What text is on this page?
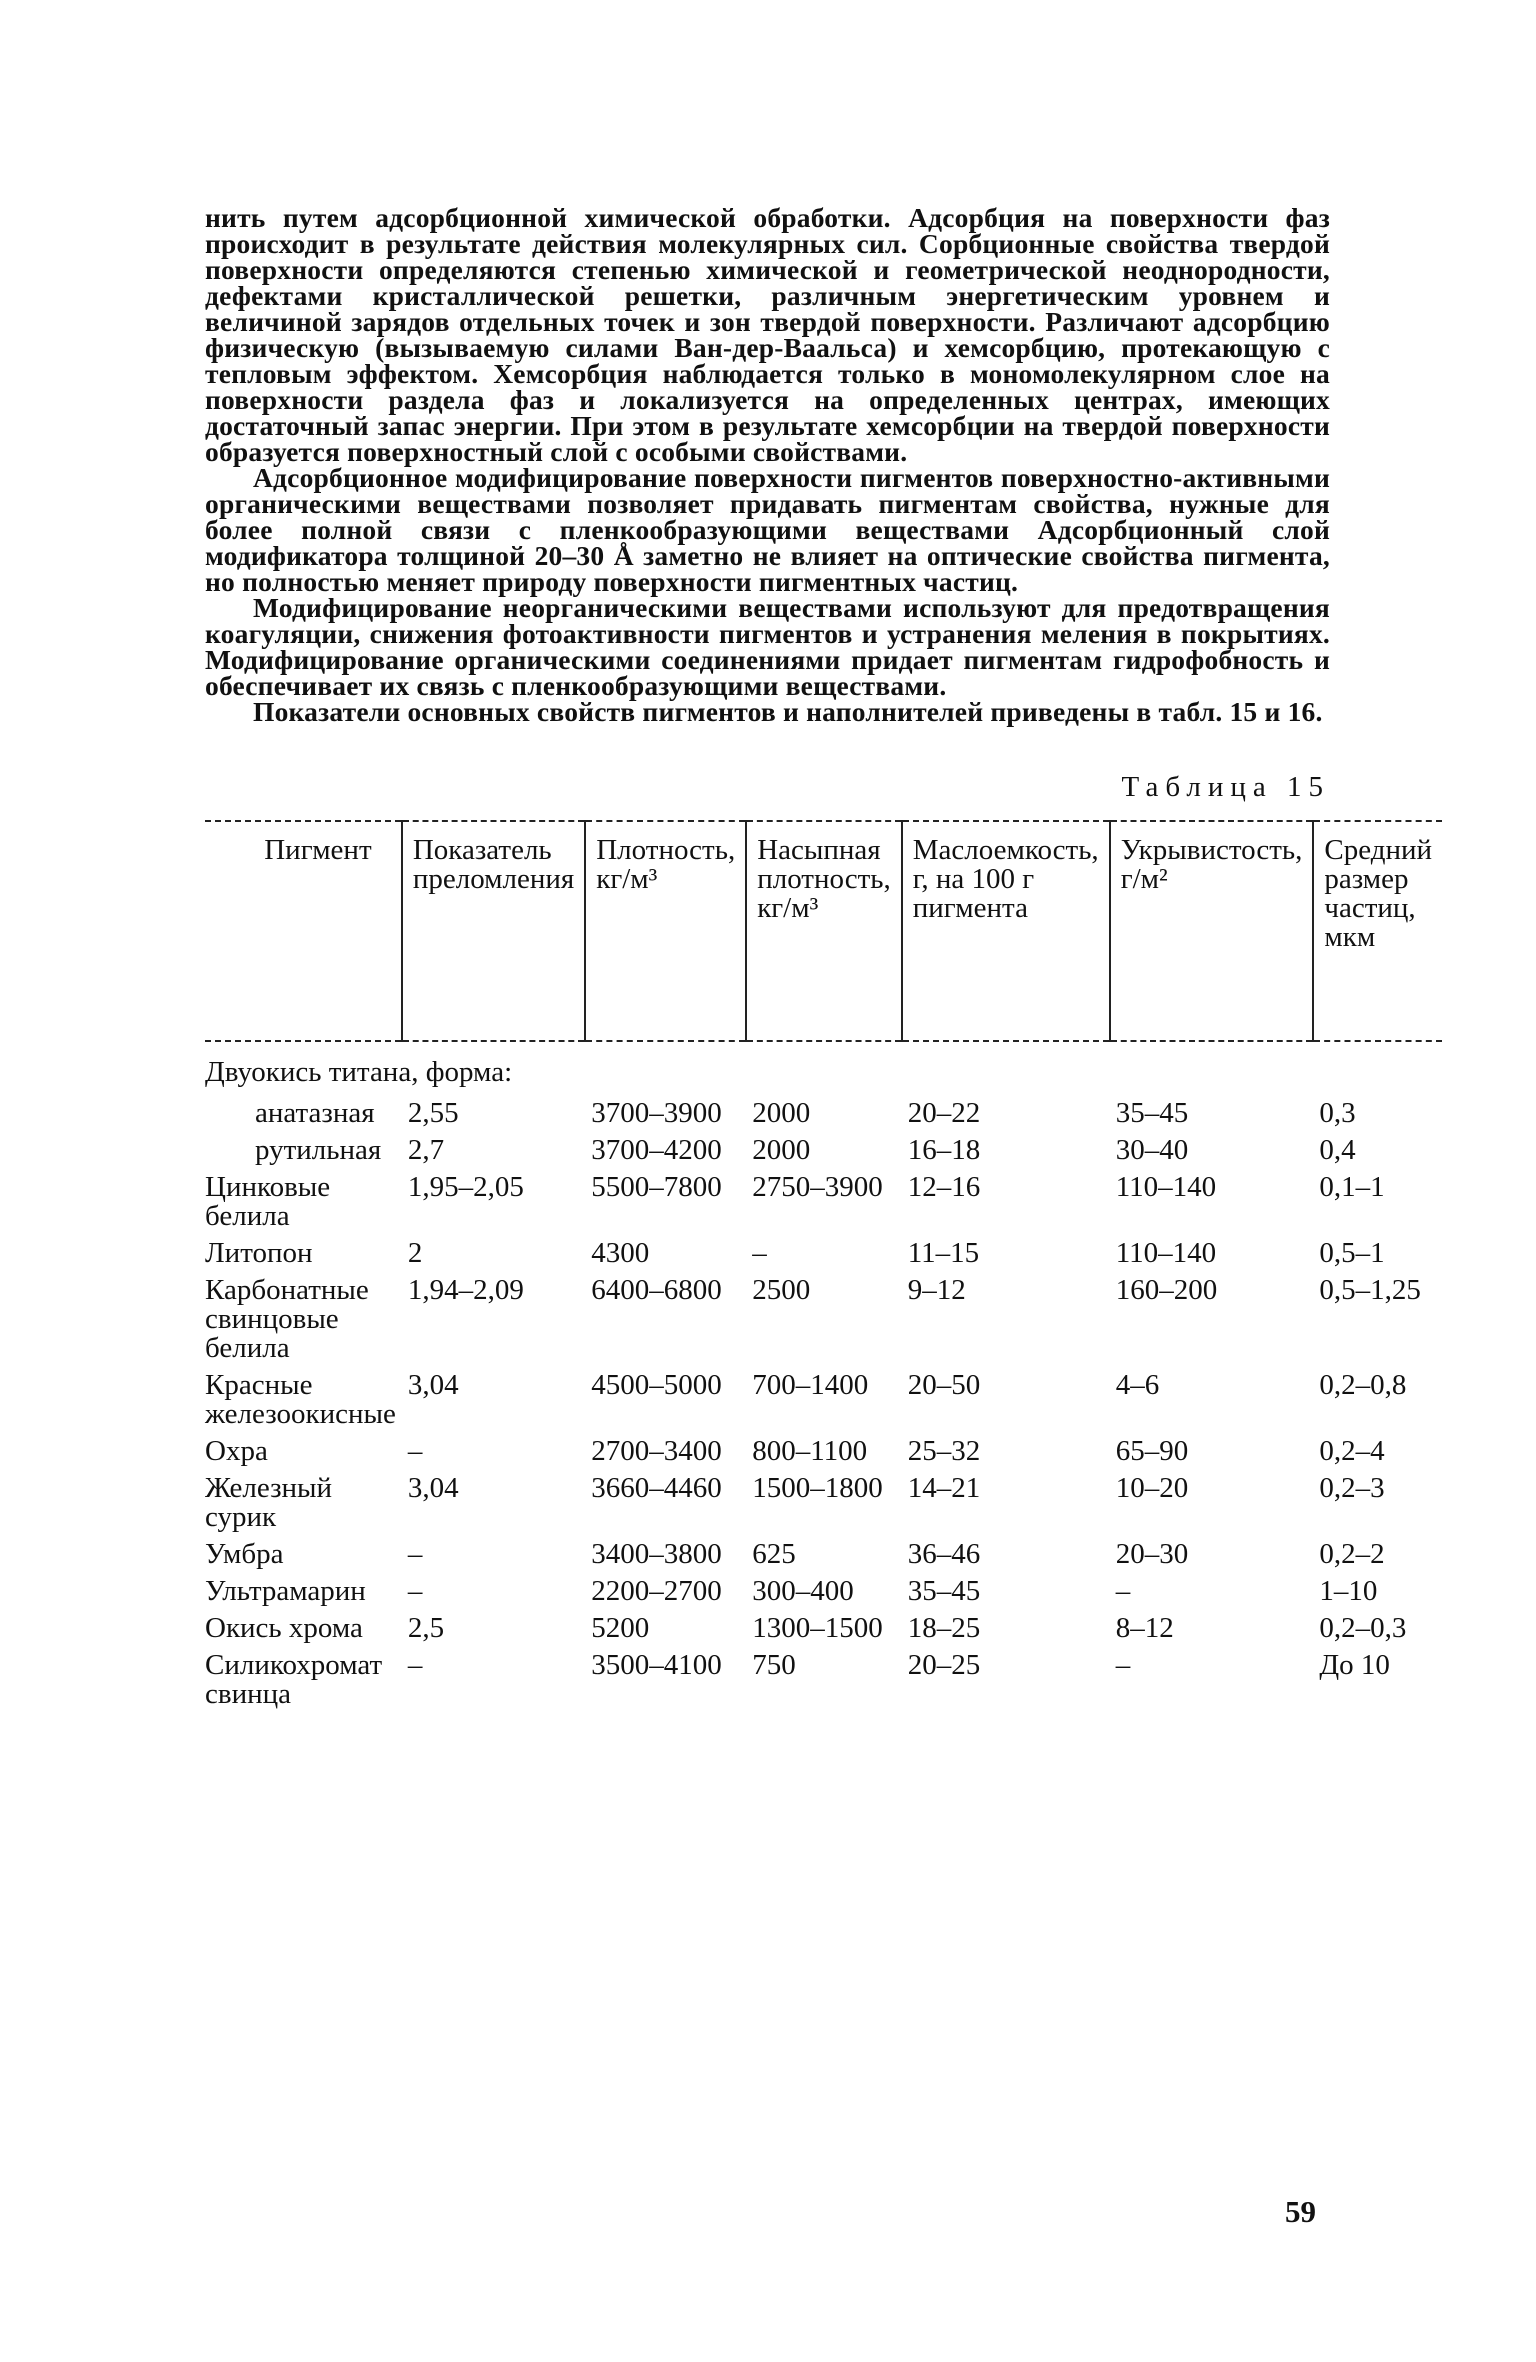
нить путем адсорбционной химической обработки. Адсорбция на поверхности фаз происходит в результате действия молекулярных сил. Сорбционные свойства твердой поверхности определяются степенью химической и геометрической неоднородности, дефектами кристаллической решетки, различным энергетическим уровнем и величиной зарядов отдельных точек и зон твердой поверхности. Различают адсорбцию физическую (вызываемую силами Ван-дер-Ваальса) и хемсорбцию, протекающую с тепловым эффектом. Хемсорбция наблюдается только в мономолекулярном слое на поверхности раздела фаз и локализуется на определенных центрах, имеющих достаточный запас энергии. При этом в результате хемсорбции на твердой поверхности образуется поверхностный слой с особыми свойствами.

Адсорбционное модифицирование поверхности пигментов поверхностно-активными органическими веществами позволяет придавать пигментам свойства, нужные для более полной связи с пленкообразующими веществами Адсорбционный слой модификатора толщиной 20–30 Å заметно не влияет на оптические свойства пигмента, но полностью меняет природу поверхности пигментных частиц.

Модифицирование неорганическими веществами используют для предотвращения коагуляции, снижения фотоактивности пигментов и устранения меления в покрытиях. Модифицирование органическими соединениями придает пигментам гидрофобность и обеспечивает их связь с пленкообразующими веществами.

Показатели основных свойств пигментов и наполнителей приведены в табл. 15 и 16.

Таблица 15
Пигмент	Показатель преломления	Плотность, кг/м³	Насыпная плотность, кг/м³	Маслоемкость, г, на 100 г пигмента	Укрывистость, г/м²	Средний размер частиц, мкм
Двуокись титана, форма:						
анатазная	2,55	3700–3900	2000	20–22	35–45	0,3
рутильная	2,7	3700–4200	2000	16–18	30–40	0,4
Цинковые белила	1,95–2,05	5500–7800	2750–3900	12–16	110–140	0,1–1
Литопон	2	4300	–	11–15	110–140	0,5–1
Карбонатные свинцовые белила	1,94–2,09	6400–6800	2500	9–12	160–200	0,5–1,25
Красные железоокисные	3,04	4500–5000	700–1400	20–50	4–6	0,2–0,8
Охра	–	2700–3400	800–1100	25–32	65–90	0,2–4
Железный сурик	3,04	3660–4460	1500–1800	14–21	10–20	0,2–3
Умбра	–	3400–3800	625	36–46	20–30	0,2–2
Ультрамарин	–	2200–2700	300–400	35–45	–	1–10
Окись хрома	2,5	5200	1300–1500	18–25	8–12	0,2–0,3
Силикохромат свинца	–	3500–4100	750	20–25	–	До 10
59
